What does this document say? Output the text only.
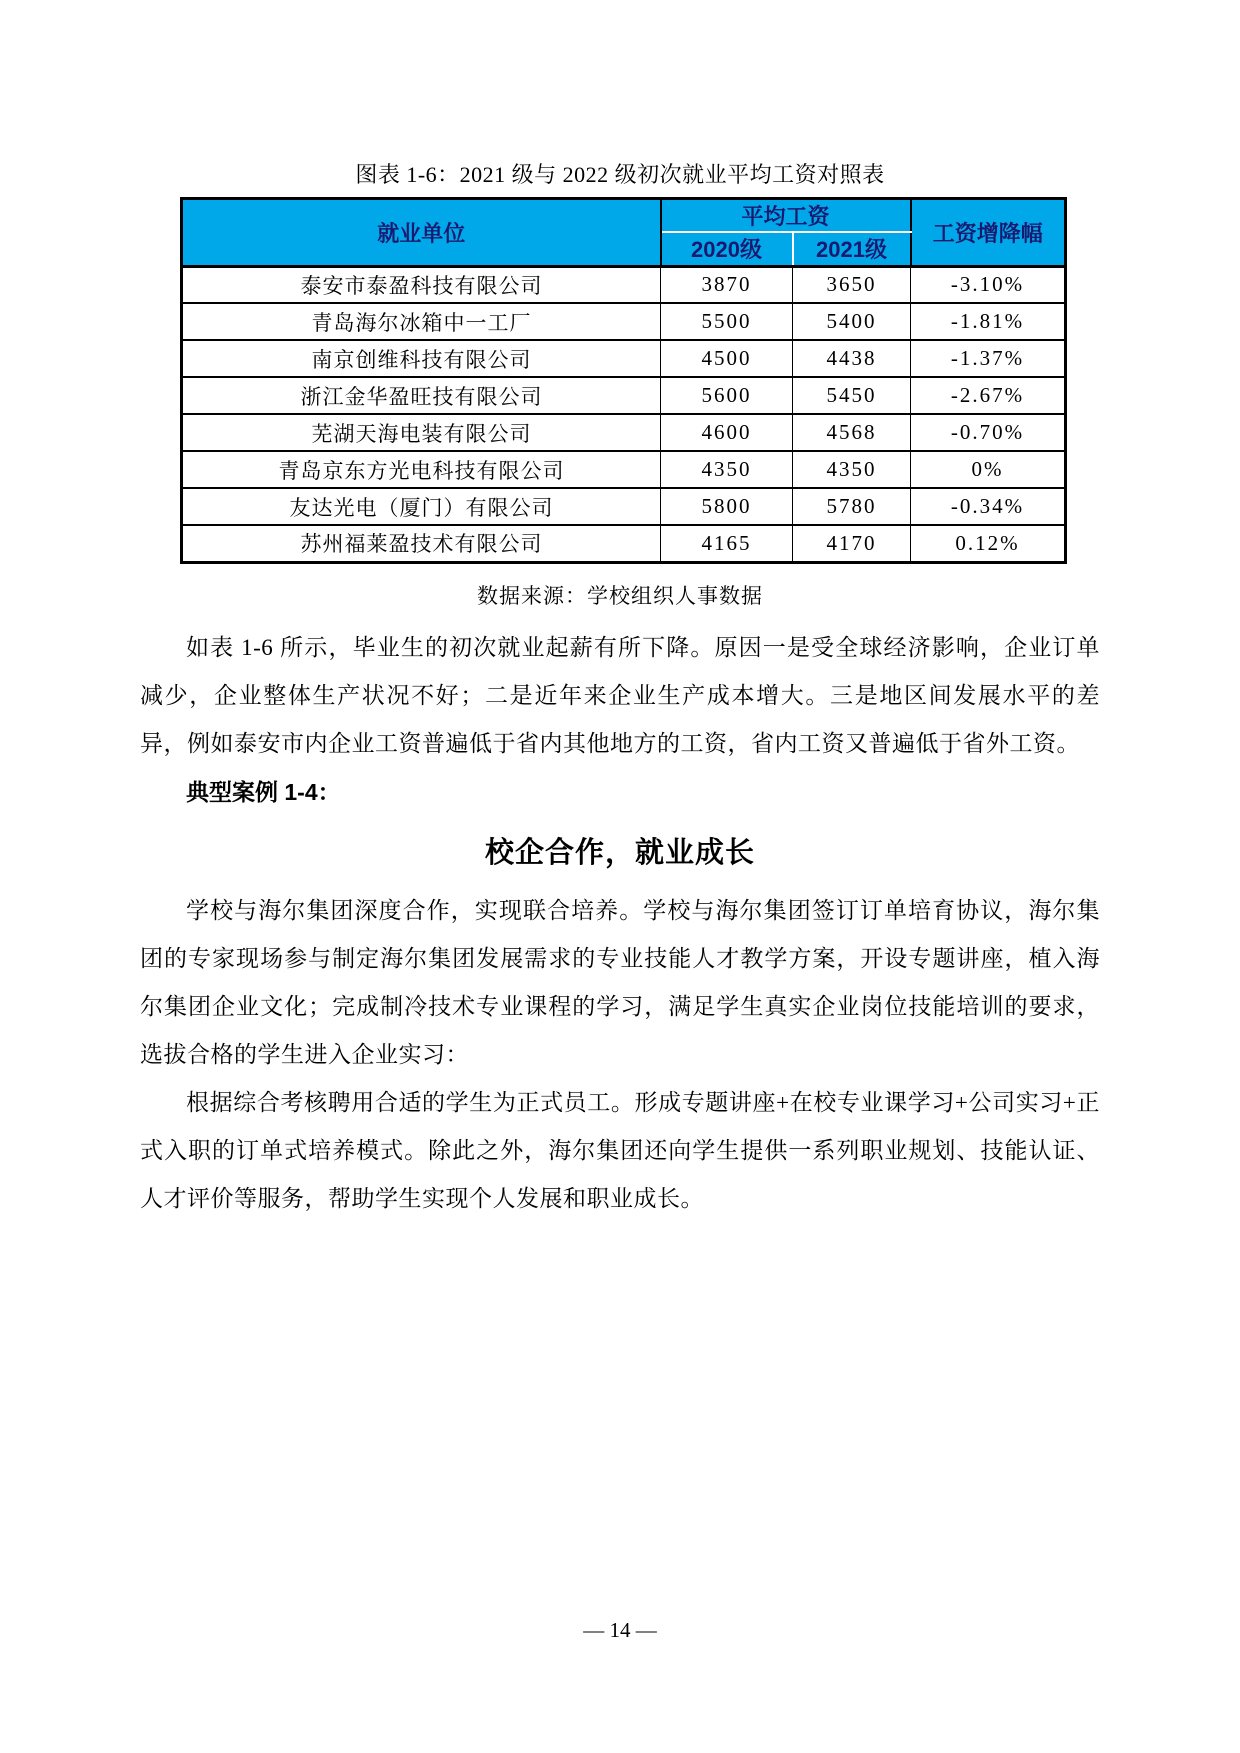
图表 1-6：2021 级与 2022 级初次就业平均工资对照表
就业单位	平均工资		工资增降幅
	2020级	2021级	
泰安市泰盈科技有限公司	3870	3650	-3.10%
青岛海尔冰箱中一工厂	5500	5400	-1.81%
南京创维科技有限公司	4500	4438	-1.37%
浙江金华盈旺技有限公司	5600	5450	-2.67%
芜湖天海电装有限公司	4600	4568	-0.70%
青岛京东方光电科技有限公司	4350	4350	0%
友达光电（厦门）有限公司	5800	5780	-0.34%
苏州福莱盈技术有限公司	4165	4170	0.12%
数据来源：学校组织人事数据

如表 1-6 所示，毕业生的初次就业起薪有所下降。原因一是受全球经济影响，企业订单减少，企业整体生产状况不好；二是近年来企业生产成本增大。三是地区间发展水平的差异，例如泰安市内企业工资普遍低于省内其他地方的工资，省内工资又普遍低于省外工资。

典型案例 1-4：
校企合作，就业成长

学校与海尔集团深度合作，实现联合培养。学校与海尔集团签订订单培育协议，海尔集团的专家现场参与制定海尔集团发展需求的专业技能人才教学方案，开设专题讲座，植入海尔集团企业文化；完成制冷技术专业课程的学习，满足学生真实企业岗位技能培训的要求，选拔合格的学生进入企业实习：

根据综合考核聘用合适的学生为正式员工。形成专题讲座+在校专业课学习+公司实习+正式入职的订单式培养模式。除此之外，海尔集团还向学生提供一系列职业规划、技能认证、人才评价等服务，帮助学生实现个人发展和职业成长。

— 14 —
